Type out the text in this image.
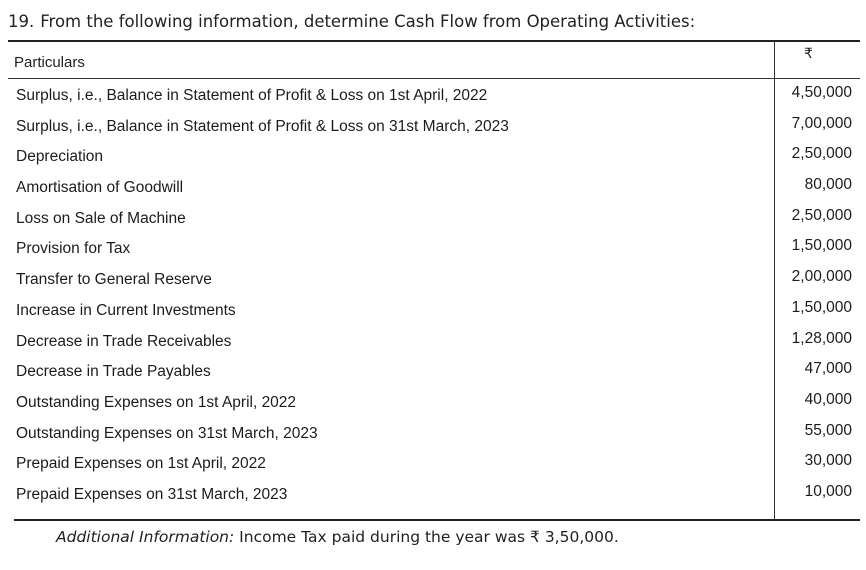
19. From the following information, determine Cash Flow from Operating Activities:
Particulars	₹
Surplus, i.e., Balance in Statement of Profit & Loss on 1st April, 2022	4,50,000
Surplus, i.e., Balance in Statement of Profit & Loss on 31st March, 2023	7,00,000
Depreciation	2,50,000
Amortisation of Goodwill	80,000
Loss on Sale of Machine	2,50,000
Provision for Tax	1,50,000
Transfer to General Reserve	2,00,000
Increase in Current Investments	1,50,000
Decrease in Trade Receivables	1,28,000
Decrease in Trade Payables	47,000
Outstanding Expenses on 1st April, 2022	40,000
Outstanding Expenses on 31st March, 2023	55,000
Prepaid Expenses on 1st April, 2022	30,000
Prepaid Expenses on 31st March, 2023	10,000
Additional Information: Income Tax paid during the year was ₹ 3,50,000.
